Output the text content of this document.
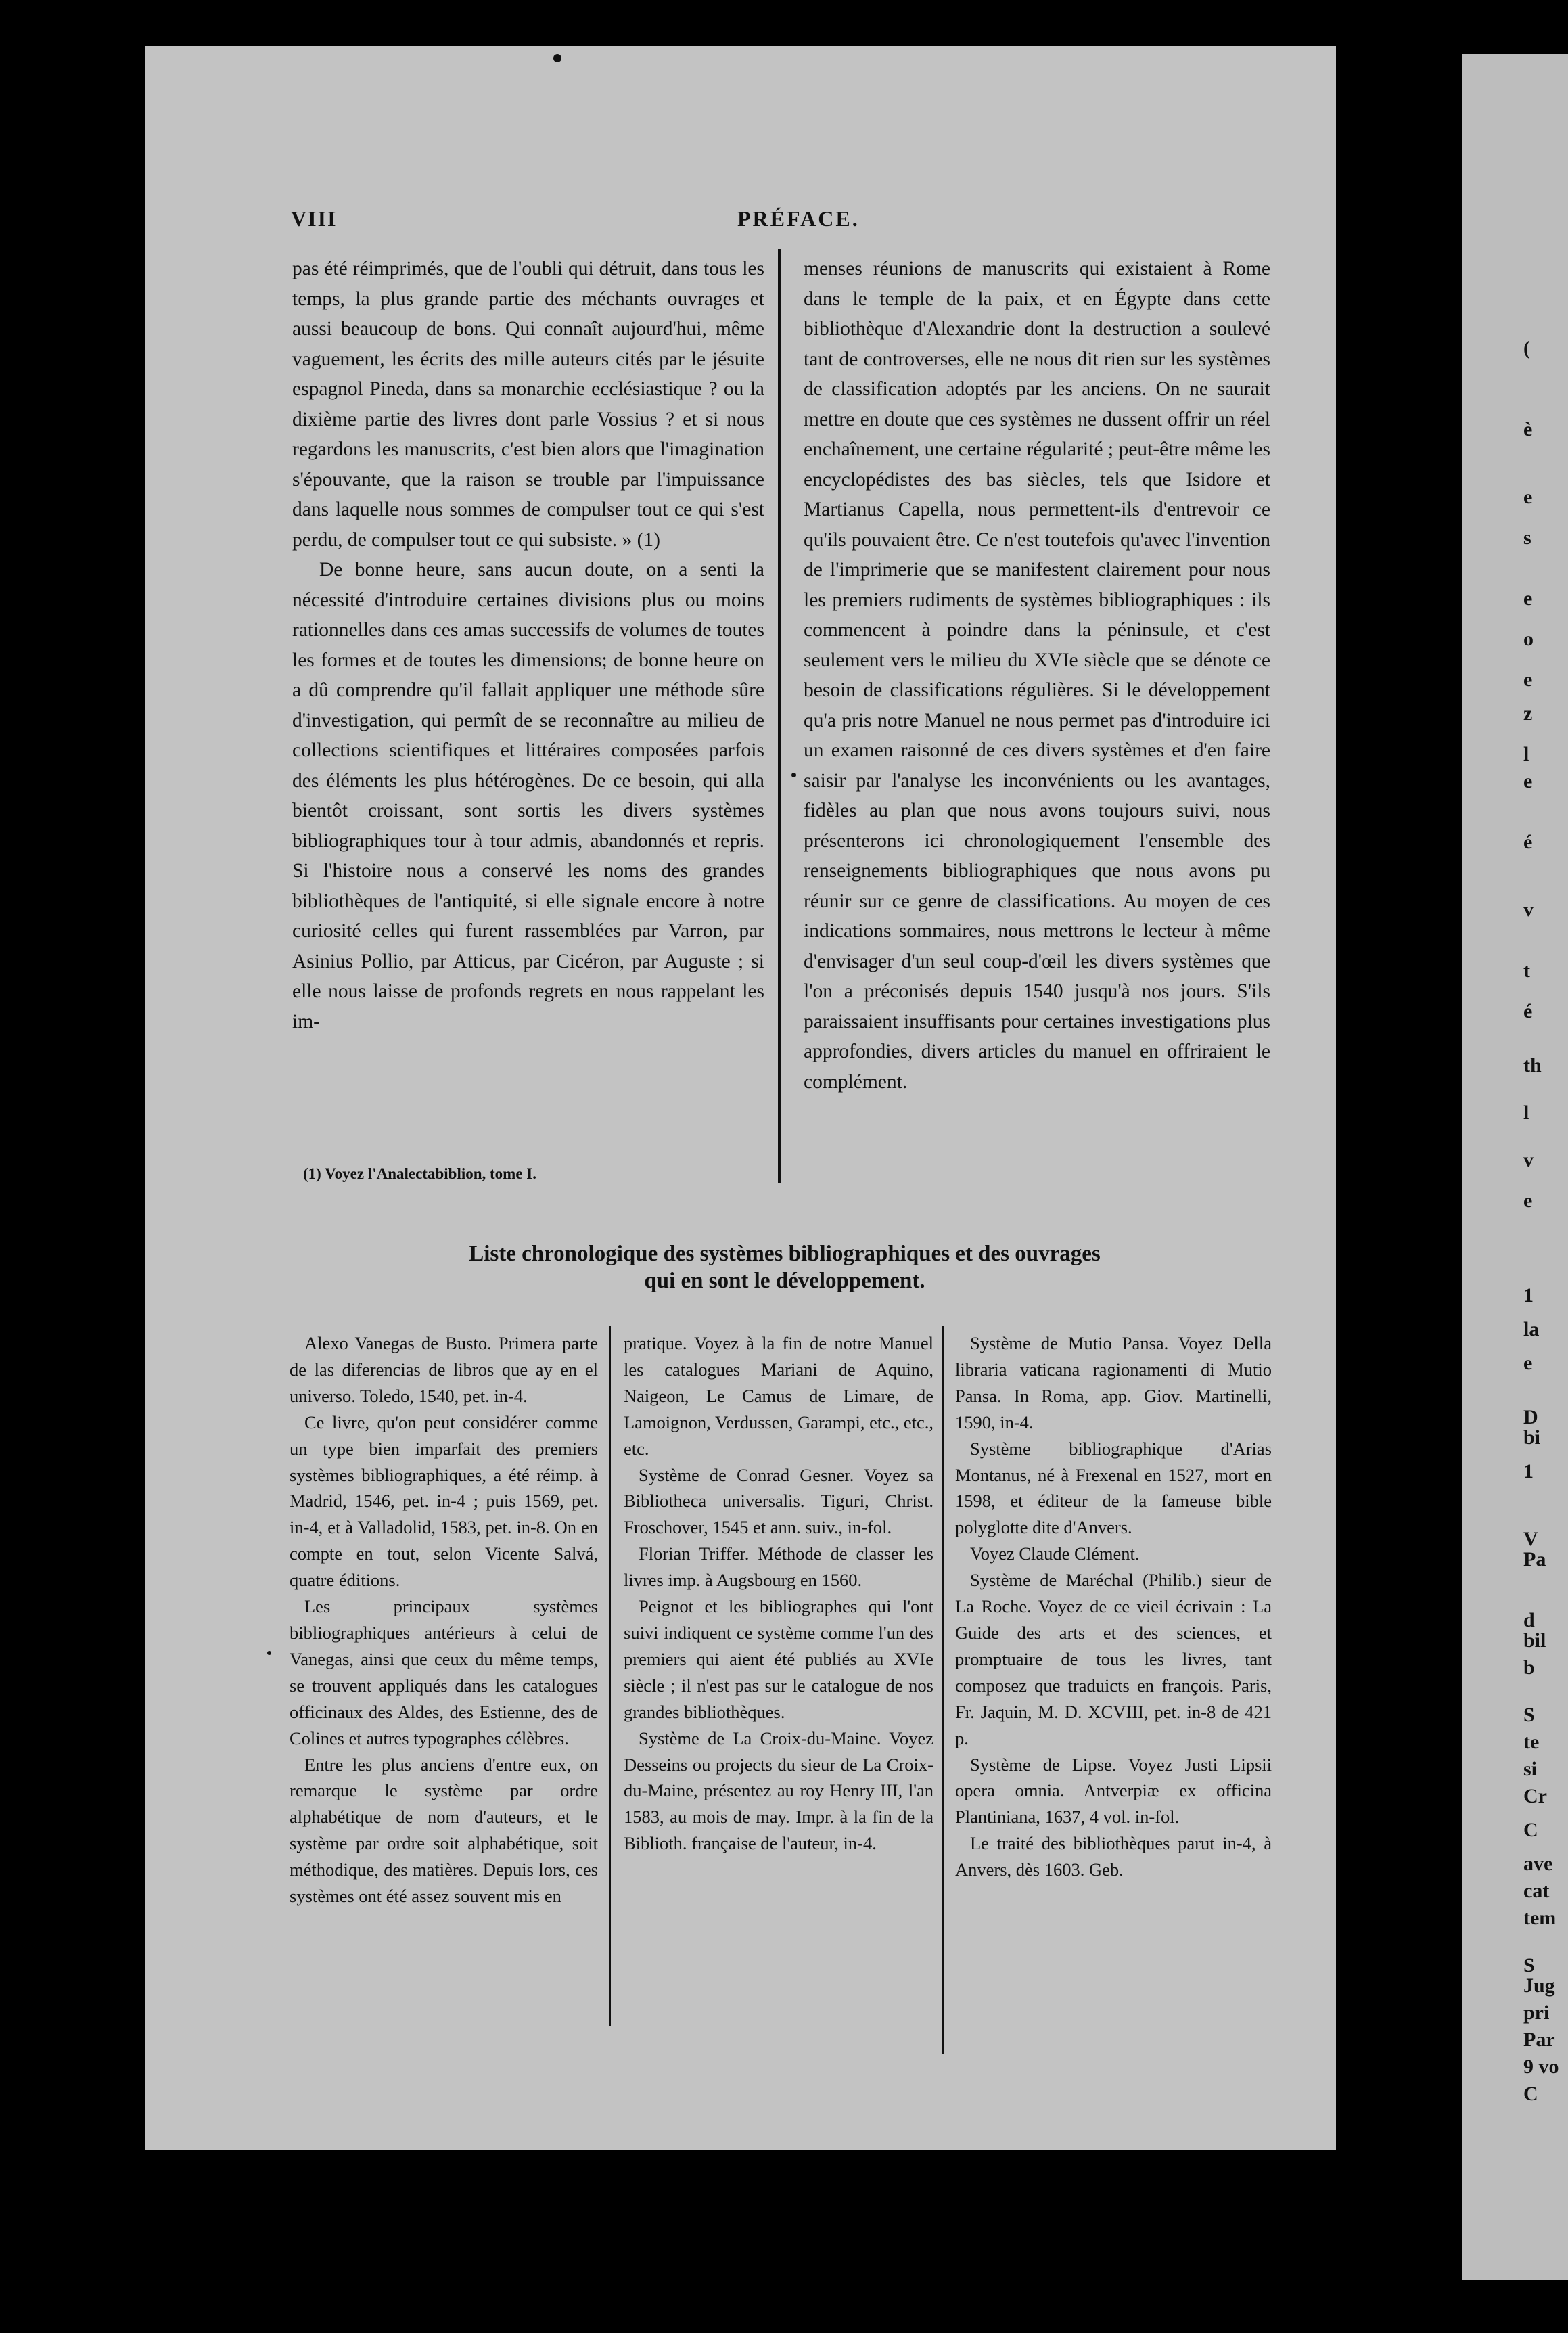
(
è
e
s
e
o
e
z
l
e
é
v
t
é
th
l
v
e
1
la
e
D
bi
1
V
Pa
d
bil
b
S
te
si
Cr
C
ave
cat
tem
S
Jug
pri
Par
9 vo
C
VIII	PRÉFACE.

pas été réimprimés, que de l'oubli qui détruit, dans tous les temps, la plus grande partie des méchants ouvrages et aussi beaucoup de bons. Qui connaît aujourd'hui, même vaguement, les écrits des mille auteurs cités par le jésuite espagnol Pineda, dans sa monarchie ecclésiastique ? ou la dixième partie des livres dont parle Vossius ? et si nous regardons les manuscrits, c'est bien alors que l'imagination s'épouvante, que la raison se trouble par l'impuissance dans laquelle nous sommes de compulser tout ce qui s'est perdu, de compulser tout ce qui subsiste. » (1)

De bonne heure, sans aucun doute, on a senti la nécessité d'introduire certaines divisions plus ou moins rationnelles dans ces amas successifs de volumes de toutes les formes et de toutes les dimensions; de bonne heure on a dû comprendre qu'il fallait appliquer une méthode sûre d'investigation, qui permît de se reconnaître au milieu de collections scientifiques et littéraires composées parfois des éléments les plus hétérogènes. De ce besoin, qui alla bientôt croissant, sont sortis les divers systèmes bibliographiques tour à tour admis, abandonnés et repris. Si l'histoire nous a conservé les noms des grandes bibliothèques de l'antiquité, si elle signale encore à notre curiosité celles qui furent rassemblées par Varron, par Asinius Pollio, par Atticus, par Cicéron, par Auguste ; si elle nous laisse de profonds regrets en nous rappelant les im-

menses réunions de manuscrits qui existaient à Rome dans le temple de la paix, et en Égypte dans cette bibliothèque d'Alexandrie dont la destruction a soulevé tant de controverses, elle ne nous dit rien sur les systèmes de classification adoptés par les anciens. On ne saurait mettre en doute que ces systèmes ne dussent offrir un réel enchaînement, une certaine régularité ; peut-être même les encyclopédistes des bas siècles, tels que Isidore et Martianus Capella, nous permettent-ils d'entrevoir ce qu'ils pouvaient être. Ce n'est toutefois qu'avec l'invention de l'imprimerie que se manifestent clairement pour nous les premiers rudiments de systèmes bibliographiques : ils commencent à poindre dans la péninsule, et c'est seulement vers le milieu du XVIe siècle que se dénote ce besoin de classifications régulières. Si le développement qu'a pris notre Manuel ne nous permet pas d'introduire ici un examen raisonné de ces divers systèmes et d'en faire saisir par l'analyse les inconvénients ou les avantages, fidèles au plan que nous avons toujours suivi, nous présenterons ici chronologiquement l'ensemble des renseignements bibliographiques que nous avons pu réunir sur ce genre de classifications. Au moyen de ces indications sommaires, nous mettrons le lecteur à même d'envisager d'un seul coup-d'œil les divers systèmes que l'on a préconisés depuis 1540 jusqu'à nos jours. S'ils paraissaient insuffisants pour certaines investigations plus approfondies, divers articles du manuel en offriraient le complément.

(1) Voyez l'Analectabiblion, tome I.
Liste chronologique des systèmes bibliographiques et des ouvrages
qui en sont le développement.

Alexo Vanegas de Busto. Primera parte de las diferencias de libros que ay en el universo. Toledo, 1540, pet. in-4.

Ce livre, qu'on peut considérer comme un type bien imparfait des premiers systèmes bibliographiques, a été réimp. à Madrid, 1546, pet. in-4 ; puis 1569, pet. in-4, et à Valladolid, 1583, pet. in-8. On en compte en tout, selon Vicente Salvá, quatre éditions.

Les principaux systèmes bibliographiques antérieurs à celui de Vanegas, ainsi que ceux du même temps, se trouvent appliqués dans les catalogues officinaux des Aldes, des Estienne, des de Colines et autres typographes célèbres.

Entre les plus anciens d'entre eux, on remarque le système par ordre alphabétique de nom d'auteurs, et le système par ordre soit alphabétique, soit méthodique, des matières. Depuis lors, ces systèmes ont été assez souvent mis en

pratique. Voyez à la fin de notre Manuel les catalogues Mariani de Aquino, Naigeon, Le Camus de Limare, de Lamoignon, Verdussen, Garampi, etc., etc., etc.

Système de Conrad Gesner. Voyez sa Bibliotheca universalis. Tiguri, Christ. Froschover, 1545 et ann. suiv., in-fol.

Florian Triffer. Méthode de classer les livres imp. à Augsbourg en 1560.

Peignot et les bibliographes qui l'ont suivi indiquent ce système comme l'un des premiers qui aient été publiés au XVIe siècle ; il n'est pas sur le catalogue de nos grandes bibliothèques.

Système de La Croix-du-Maine. Voyez Desseins ou projects du sieur de La Croix-du-Maine, présentez au roy Henry III, l'an 1583, au mois de may. Impr. à la fin de la Biblioth. française de l'auteur, in-4.

Système de Mutio Pansa. Voyez Della libraria vaticana ragionamenti di Mutio Pansa. In Roma, app. Giov. Martinelli, 1590, in-4.

Système bibliographique d'Arias Montanus, né à Frexenal en 1527, mort en 1598, et éditeur de la fameuse bible polyglotte dite d'Anvers.

Voyez Claude Clément.

Système de Maréchal (Philib.) sieur de La Roche. Voyez de ce vieil écrivain : La Guide des arts et des sciences, et promptuaire de tous les livres, tant composez que traduicts en françois. Paris, Fr. Jaquin, M. D. XCVIII, pet. in-8 de 421 p.

Système de Lipse. Voyez Justi Lipsii opera omnia. Antverpiæ ex officina Plantiniana, 1637, 4 vol. in-fol.

Le traité des bibliothèques parut in-4, à Anvers, dès 1603. Geb.
